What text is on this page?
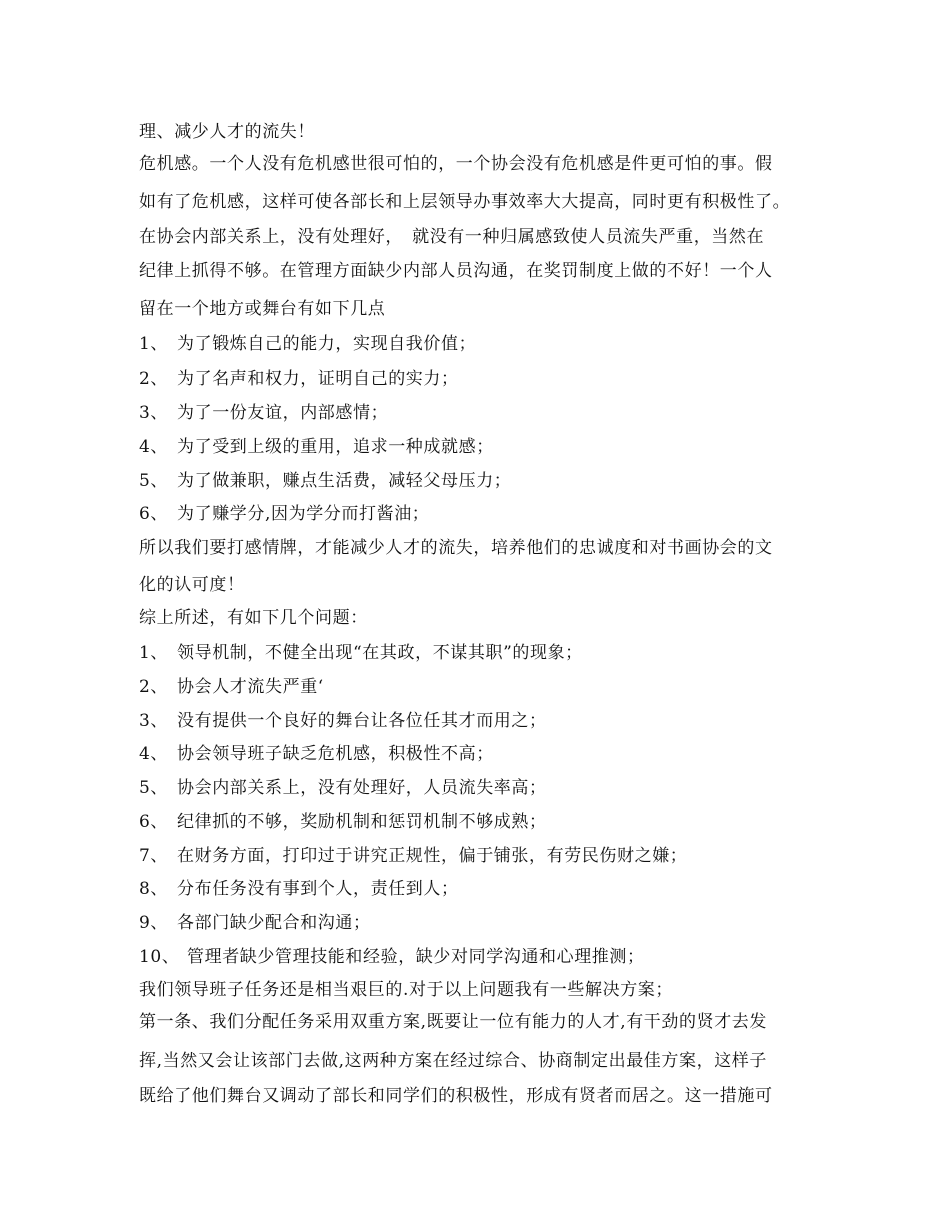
理、减少人才的流失！
危机感。一个人没有危机感世很可怕的，一个协会没有危机感是件更可怕的事。假
如有了危机感，这样可使各部长和上层领导办事效率大大提高，同时更有积极性了。
在协会内部关系上，没有处理好，　就没有一种归属感致使人员流失严重，当然在
纪律上抓得不够。在管理方面缺少内部人员沟通，在奖罚制度上做的不好！一个人
留在一个地方或舞台有如下几点
1、 为了锻炼自己的能力，实现自我价值；
2、 为了名声和权力，证明自己的实力；
3、 为了一份友谊，内部感情；
4、 为了受到上级的重用，追求一种成就感；
5、 为了做兼职，赚点生活费，减轻父母压力；
6、 为了赚学分,因为学分而打酱油；
所以我们要打感情牌，才能减少人才的流失，培养他们的忠诚度和对书画协会的文
化的认可度！
综上所述，有如下几个问题：
1、 领导机制，不健全出现“在其政，不谋其职”的现象；
2、 协会人才流失严重‘
3、 没有提供一个良好的舞台让各位任其才而用之；
4、 协会领导班子缺乏危机感，积极性不高；
5、 协会内部关系上，没有处理好，人员流失率高；
6、 纪律抓的不够，奖励机制和惩罚机制不够成熟；
7、 在财务方面，打印过于讲究正规性，偏于铺张，有劳民伤财之嫌；
8、 分布任务没有事到个人，责任到人；
9、 各部门缺少配合和沟通；
10、 管理者缺少管理技能和经验，缺少对同学沟通和心理推测；
我们领导班子任务还是相当艰巨的.对于以上问题我有一些解决方案；
第一条、我们分配任务采用双重方案,既要让一位有能力的人才,有干劲的贤才去发
挥,当然又会让该部门去做,这两种方案在经过综合、协商制定出最佳方案，这样子
既给了他们舞台又调动了部长和同学们的积极性，形成有贤者而居之。这一措施可
